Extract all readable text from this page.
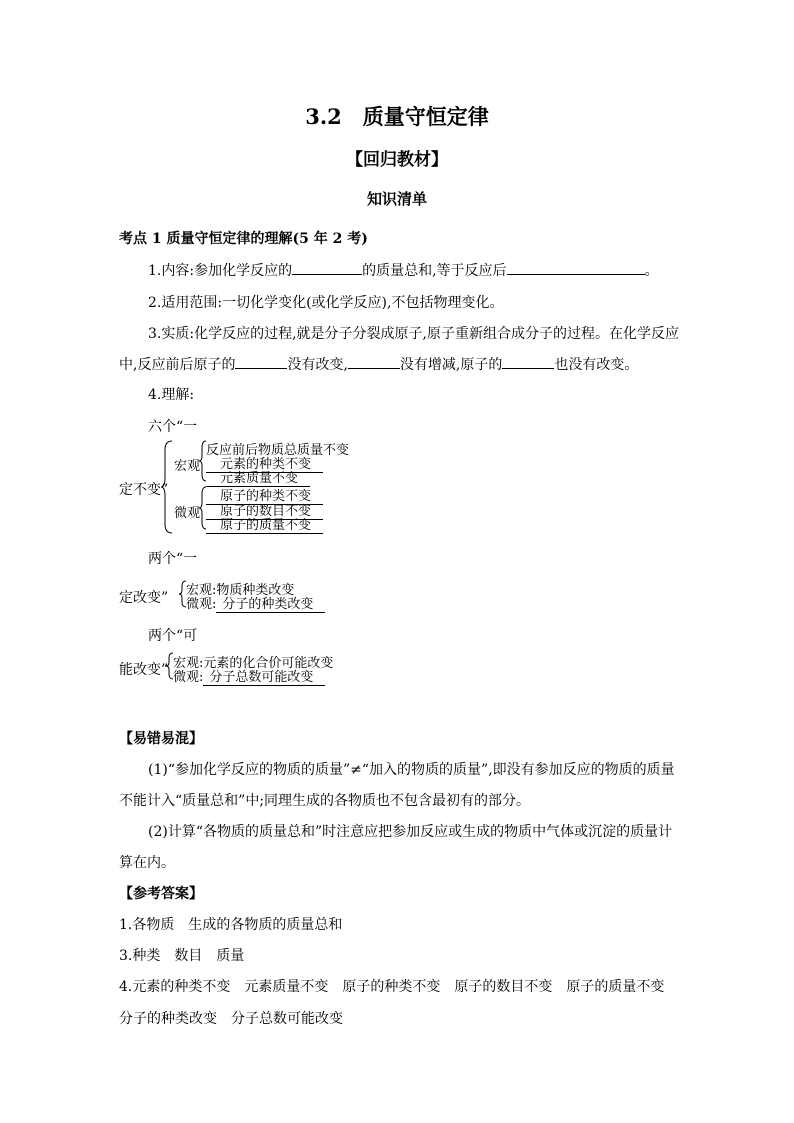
3.2　质量守恒定律
【回归教材】
知识清单
考点 1 质量守恒定律的理解(5 年 2 考)
1.内容:参加化学反应的	的质量总和,等于反应后	。
2.适用范围:一切化学变化(或化学反应),不包括物理变化。
3.实质:化学反应的过程,就是分子分裂成原子,原子重新组合成分子的过程。在化学反应
中,反应前后原子的	没有改变,	没有增减,原子的	也没有改变。
4.理解:
六个“一
定不变”
宏观
微观
反应前后物质总质量不变
元素的种类不变
元素质量不变
原子的种类不变
原子的数目不变
原子的质量不变
两个“一
定改变” 宏观:物质种类改变
微观: 分子的种类改变
两个“可
能改变” 宏观:元素的化合价可能改变
微观: 分子总数可能改变
【易错易混】
(1)“参加化学反应的物质的质量”≠“加入的物质的质量”,即没有参加反应的物质的质量
不能计入“质量总和”中;同理生成的各物质也不包含最初有的部分。
(2)计算“各物质的质量总和”时注意应把参加反应或生成的物质中气体或沉淀的质量计
算在内。
【参考答案】
1.各物质　生成的各物质的质量总和
3.种类　数目　质量
4.元素的种类不变　元素质量不变　原子的种类不变　原子的数目不变　原子的质量不变
分子的种类改变　分子总数可能改变
